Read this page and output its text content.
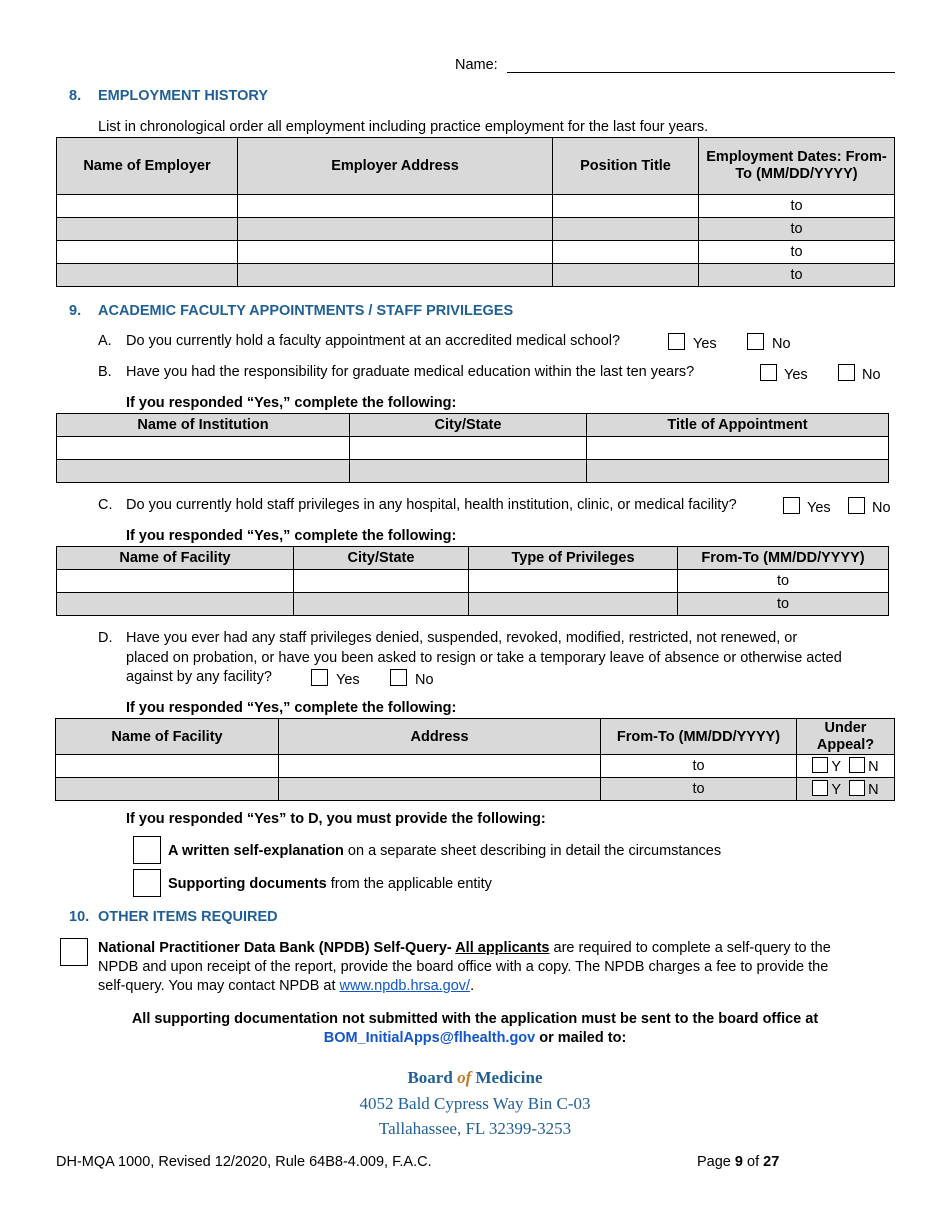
Name:
8. EMPLOYMENT HISTORY
List in chronological order all employment including practice employment for the last four years.
Name of Employer	Employer Address	Position Title	Employment Dates: From-To (MM/DD/YYYY)
			to
			to
			to
			to
9. ACADEMIC FACULTY APPOINTMENTS / STAFF PRIVILEGES
A. Do you currently hold a faculty appointment at an accredited medical school?	Yes	No
B. Have you had the responsibility for graduate medical education within the last ten years?	Yes	No
If you responded “Yes,” complete the following:
Name of Institution	City/State	Title of Appointment

C. Do you currently hold staff privileges in any hospital, health institution, clinic, or medical facility?	Yes	No
If you responded “Yes,” complete the following:
Name of Facility	City/State	Type of Privileges	From-To (MM/DD/YYYY)
			to
			to
D. Have you ever had any staff privileges denied, suspended, revoked, modified, restricted, not renewed, or
placed on probation, or have you been asked to resign or take a temporary leave of absence or otherwise acted
against by any facility?	Yes	No
If you responded “Yes,” complete the following:
Name of Facility	Address	From-To (MM/DD/YYYY)	Under Appeal?
		to	Y N
		to	Y N
If you responded “Yes” to D, you must provide the following:
A written self-explanation on a separate sheet describing in detail the circumstances
Supporting documents from the applicable entity
10. OTHER ITEMS REQUIRED
National Practitioner Data Bank (NPDB) Self-Query- All applicants are required to complete a self-query to the
NPDB and upon receipt of the report, provide the board office with a copy. The NPDB charges a fee to provide the
self-query. You may contact NPDB at www.npdb.hrsa.gov/.
All supporting documentation not submitted with the application must be sent to the board office at
BOM_InitialApps@flhealth.gov or mailed to:
Board of Medicine
4052 Bald Cypress Way Bin C-03
Tallahassee, FL 32399-3253
DH-MQA 1000, Revised 12/2020, Rule 64B8-4.009, F.A.C.	Page 9 of 27
